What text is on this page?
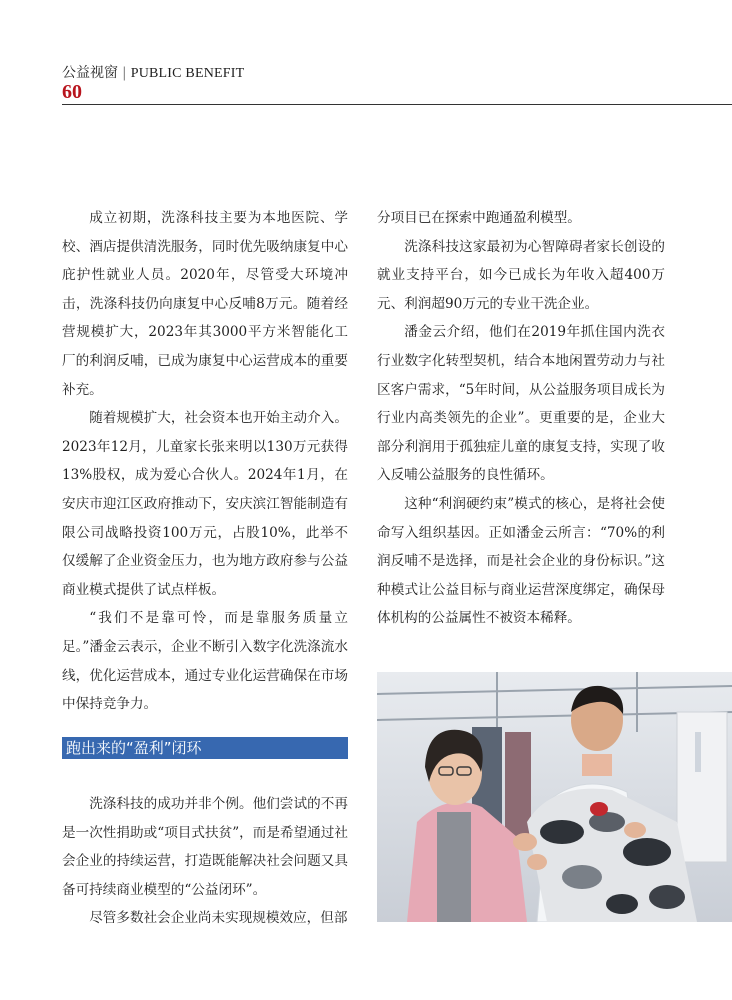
公益视窗 | PUBLIC BENEFIT
60

成立初期，洗涤科技主要为本地医院、学校、酒店提供清洗服务，同时优先吸纳康复中心庇护性就业人员。2020年，尽管受大环境冲击，洗涤科技仍向康复中心反哺8万元。随着经营规模扩大，2023年其3000平方米智能化工厂的利润反哺，已成为康复中心运营成本的重要补充。

随着规模扩大，社会资本也开始主动介入。2023年12月，儿童家长张来明以130万元获得13%股权，成为爱心合伙人。2024年1月，在安庆市迎江区政府推动下，安庆滨江智能制造有限公司战略投资100万元，占股10%，此举不仅缓解了企业资金压力，也为地方政府参与公益商业模式提供了试点样板。

“我们不是靠可怜，而是靠服务质量立足。”潘金云表示，企业不断引入数字化洗涤流水线，优化运营成本，通过专业化运营确保在市场中保持竞争力。

跑出来的“盈利”闭环

洗涤科技的成功并非个例。他们尝试的不再是一次性捐助或“项目式扶贫”，而是希望通过社会企业的持续运营，打造既能解决社会问题又具备可持续商业模型的“公益闭环”。

尽管多数社会企业尚未实现规模效应，但部

分项目已在探索中跑通盈利模型。

洗涤科技这家最初为心智障碍者家长创设的就业支持平台，如今已成长为年收入超400万元、利润超90万元的专业干洗企业。

潘金云介绍，他们在2019年抓住国内洗衣行业数字化转型契机，结合本地闲置劳动力与社区客户需求，“5年时间，从公益服务项目成长为行业内高类领先的企业”。更重要的是，企业大部分利润用于孤独症儿童的康复支持，实现了收入反哺公益服务的良性循环。

这种“利润硬约束”模式的核心，是将社会使命写入组织基因。正如潘金云所言：“70%的利润反哺不是选择，而是社会企业的身份标识。”这种模式让公益目标与商业运营深度绑定，确保母体机构的公益属性不被资本稀释。
